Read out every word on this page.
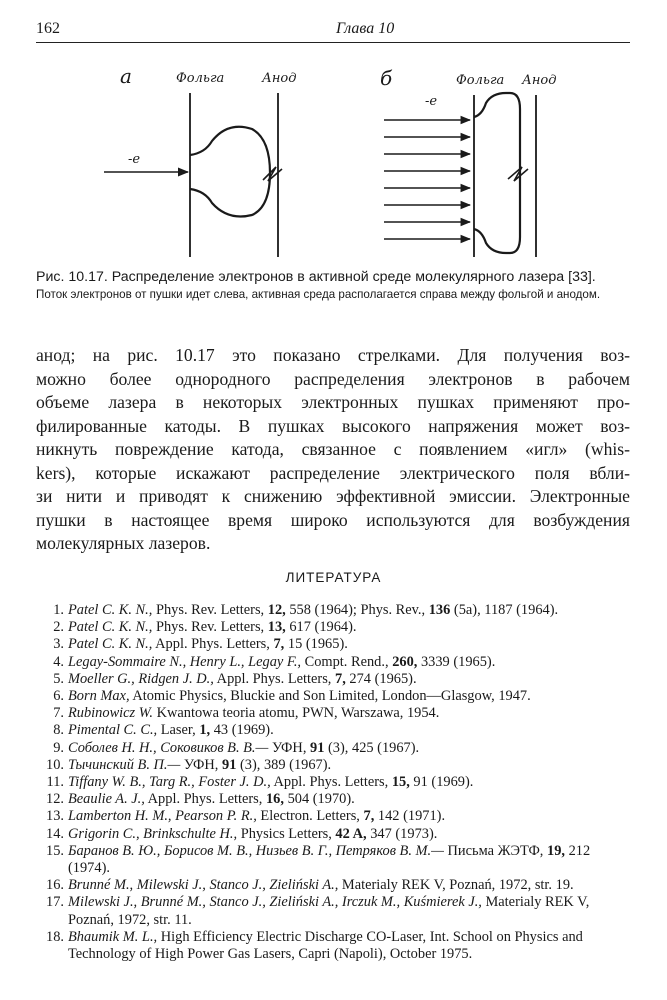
162	Глава 10
а	Фольга	Анод
-е
б	Фольга Анод
-е
Рис. 10.17. Распределение электронов в активной среде молекулярного лазера [33].
Поток электронов от пушки идет слева, активная среда располагается справа между фольгой и анодом.
анод; на рис. 10.17 это показано стрелками. Для получения воз-
можно более однородного распределения электронов в рабочем
объеме лазера в некоторых электронных пушках применяют про-
филированные катоды. В пушках высокого напряжения может воз-
никнуть повреждение катода, связанное с появлением «игл» (whis-
kers), которые искажают распределение электрического поля вбли-
зи нити и приводят к снижению эффективной эмиссии. Электронные
пушки в настоящее время широко используются для возбуждения
молекулярных лазеров.
ЛИТЕРАТУРА
1. Patel C. K. N., Phys. Rev. Letters, 12, 558 (1964); Phys. Rev., 136 (5а), 1187 (1964).
2. Patel C. K. N., Phys. Rev. Letters, 13, 617 (1964).
3. Patel C. K. N., Appl. Phys. Letters, 7, 15 (1965).
4. Legay-Sommaire N., Henry L., Legay F., Compt. Rend., 260, 3339 (1965).
5. Moeller G., Ridgen J. D., Appl. Phys. Letters, 7, 274 (1965).
6. Born Max, Atomic Physics, Bluckie and Son Limited, London—Glasgow, 1947.
7. Rubinowicz W. Kwantowa teoria atomu, PWN, Warszawa, 1954.
8. Pimental C. C., Laser, 1, 43 (1969).
9. Соболев Н. Н., Соковиков В. В.— УФН, 91 (3), 425 (1967).
10. Тычинский В. П.— УФН, 91 (3), 389 (1967).
11. Tiffany W. B., Targ R., Foster J. D., Appl. Phys. Letters, 15, 91 (1969).
12. Beaulie A. J., Appl. Phys. Letters, 16, 504 (1970).
13. Lamberton H. M., Pearson P. R., Electron. Letters, 7, 142 (1971).
14. Grigorin C., Brinkschulte H., Physics Letters, 42 A, 347 (1973).
15. Баранов В. Ю., Борисов М. В., Низьев В. Г., Петряков В. М.— Письма ЖЭТФ, 19, 212 (1974).
16. Brunné M., Milewski J., Stanco J., Zieliński A., Materialy REK V, Poznań, 1972, str. 19.
17. Milewski J., Brunné M., Stanco J., Zieliński A., Irczuk M., Kuśmierek J., Materialy REK V, Poznań, 1972, str. 11.
18. Bhaumik M. L., High Efficiency Electric Discharge CO-Laser, Int. School on Physics and Technology of High Power Gas Lasers, Capri (Napoli), October 1975.
